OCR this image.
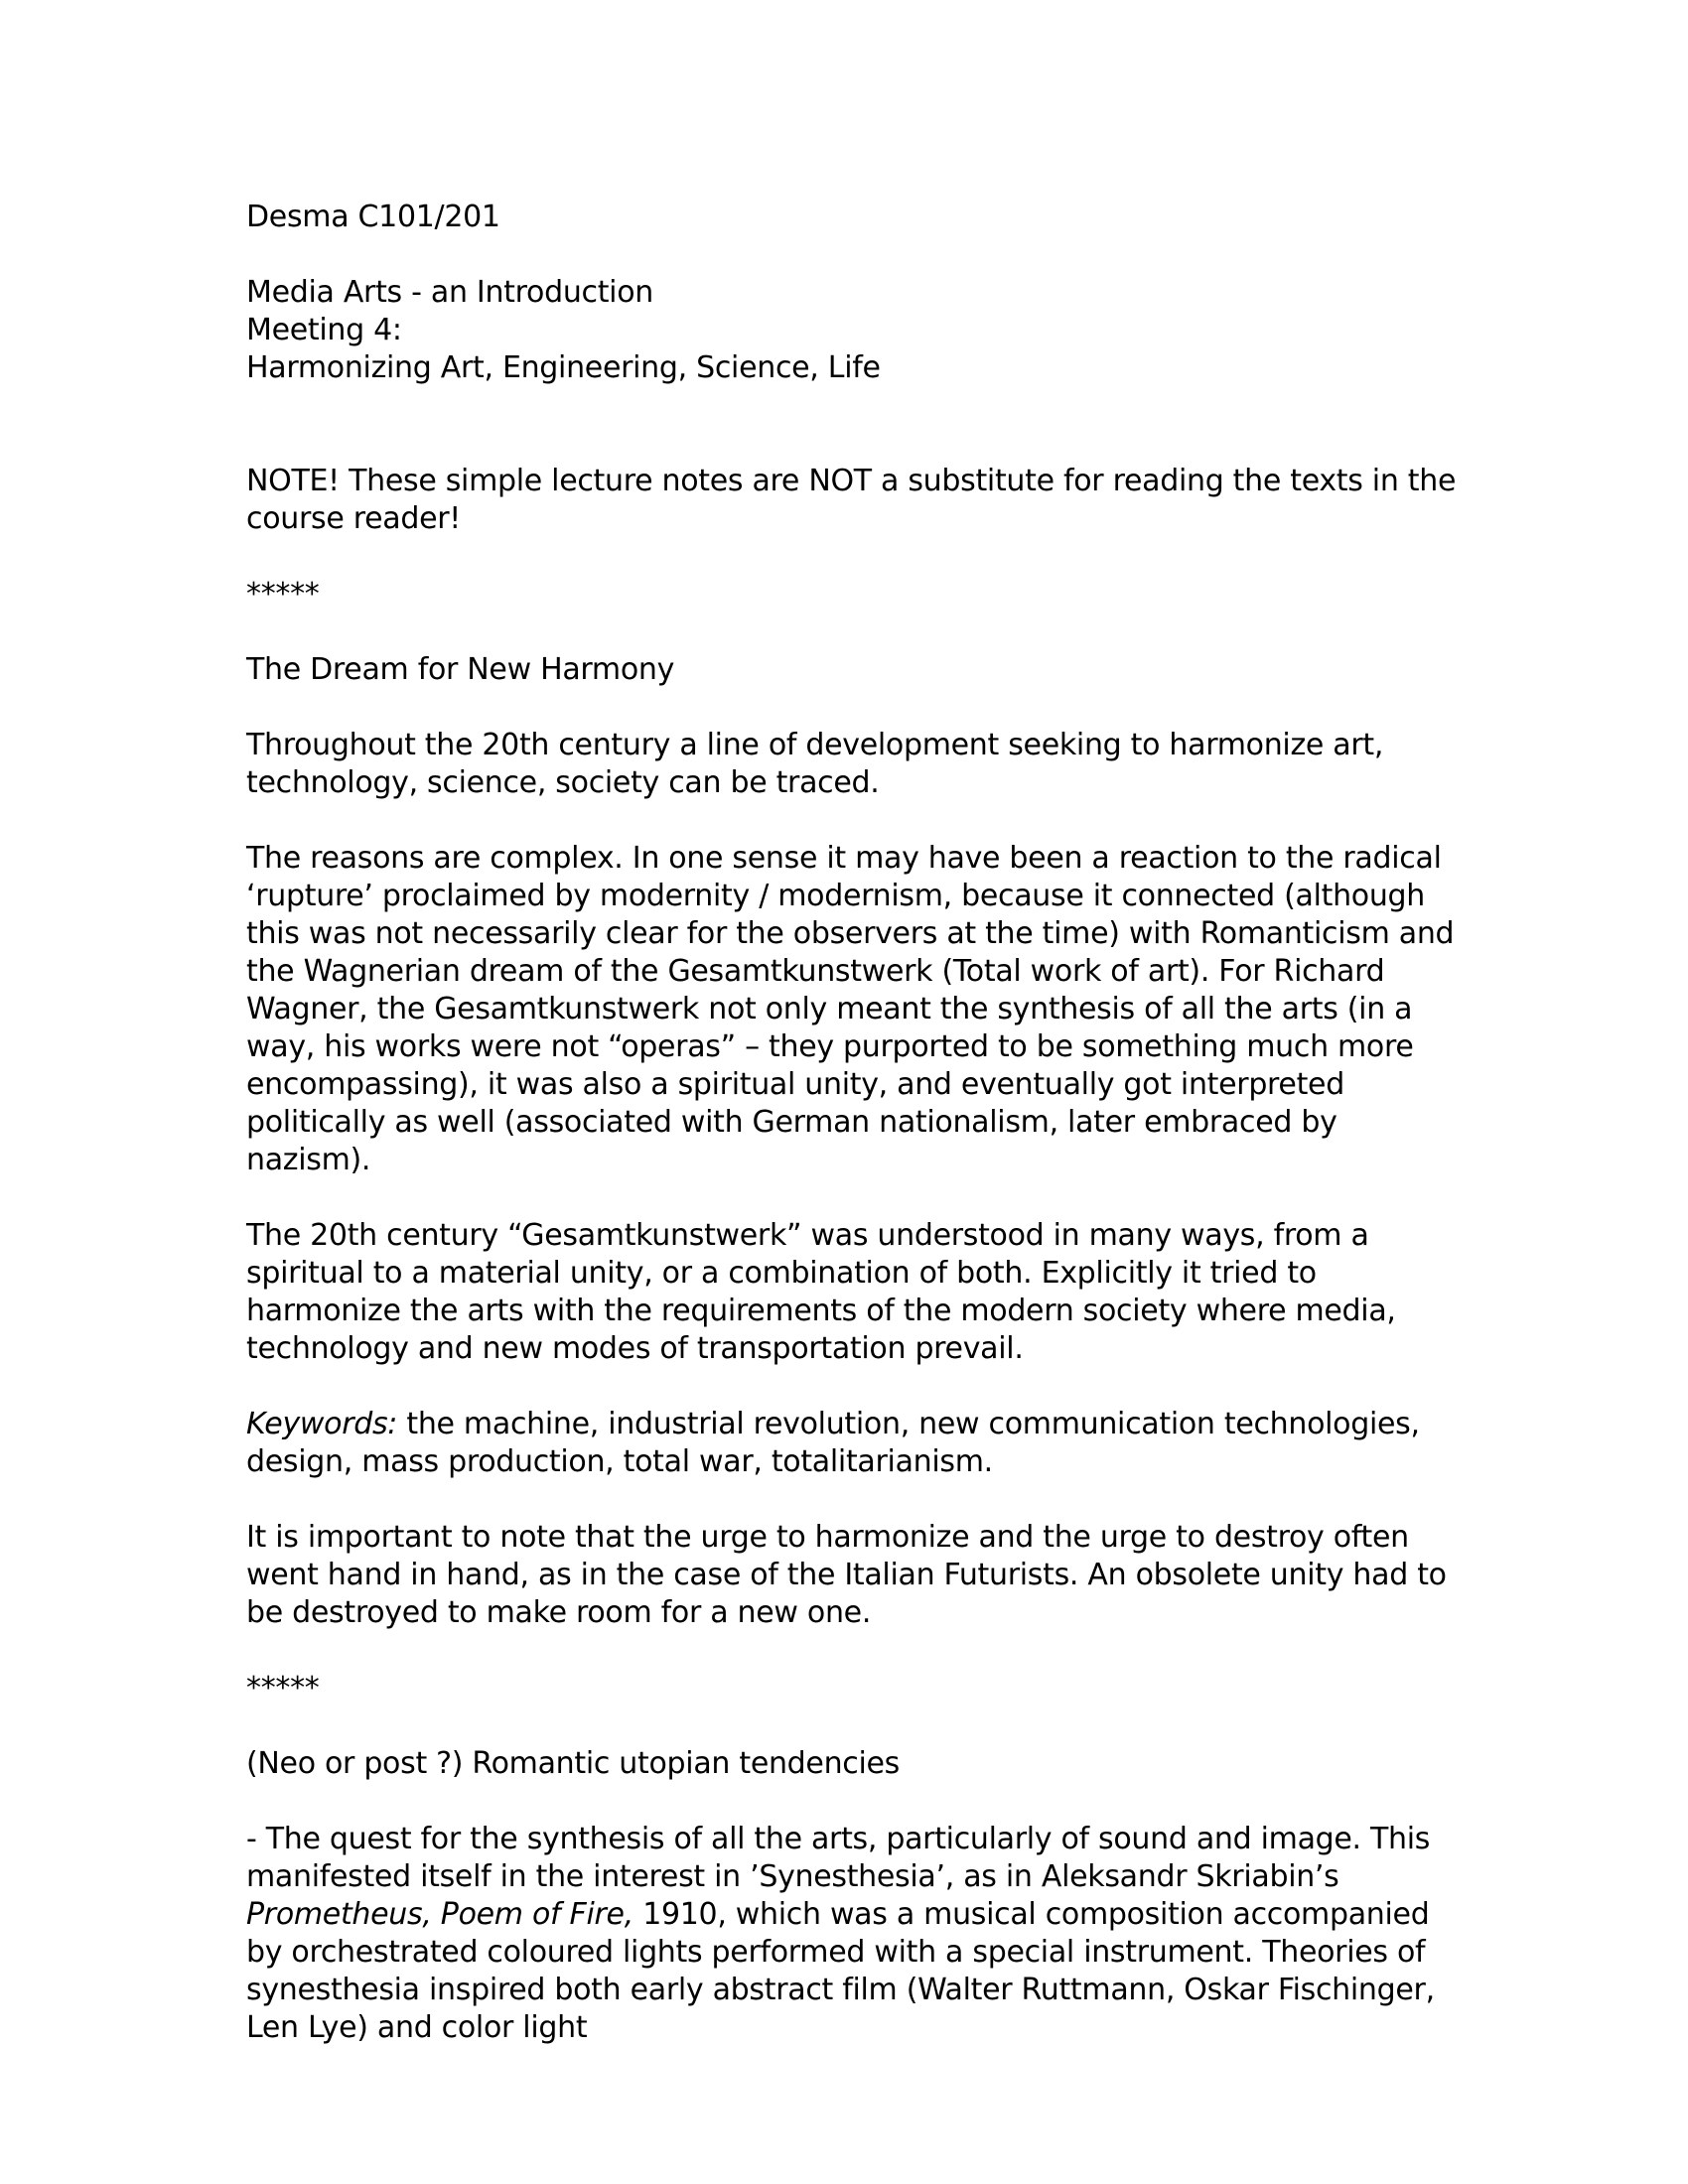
Desma C101/201

Media Arts - an Introduction
Meeting 4:
Harmonizing Art, Engineering, Science, Life

NOTE! These simple lecture notes are NOT a substitute for reading the texts in the course reader!

*****

The Dream for New Harmony

Throughout the 20th century a line of development seeking to harmonize art, technology, science, society can be traced.

The reasons are complex. In one sense it may have been a reaction to the radical ‘rupture’ proclaimed by modernity / modernism, because it connected (although this was not necessarily clear for the observers at the time) with Romanticism and the Wagnerian dream of the Gesamtkunstwerk (Total work of art). For Richard Wagner, the Gesamtkunstwerk not only meant the synthesis of all the arts (in a way, his works were not “operas” – they purported to be something much more encompassing), it was also a spiritual unity, and eventually got interpreted politically as well (associated with German nationalism, later embraced by nazism).

The 20th century “Gesamtkunstwerk” was understood in many ways, from a spiritual to a material unity, or a combination of both. Explicitly it tried to harmonize the arts with the requirements of the modern society where media, technology and new modes of transportation prevail.

Keywords: the machine, industrial revolution, new communication technologies, design, mass production, total war, totalitarianism.

It is important to note that the urge to harmonize and the urge to destroy often went hand in hand, as in the case of the Italian Futurists. An obsolete unity had to be destroyed to make room for a new one.

*****

(Neo or post ?) Romantic utopian tendencies

- The quest for the synthesis of all the arts, particularly of sound and image. This manifested itself in the interest in ’Synesthesia’, as in Aleksandr Skriabin’s Prometheus, Poem of Fire, 1910, which was a musical composition accompanied by orchestrated coloured lights performed with a special instrument. Theories of synesthesia inspired both early abstract film (Walter Ruttmann, Oskar Fischinger, Len Lye) and color light
